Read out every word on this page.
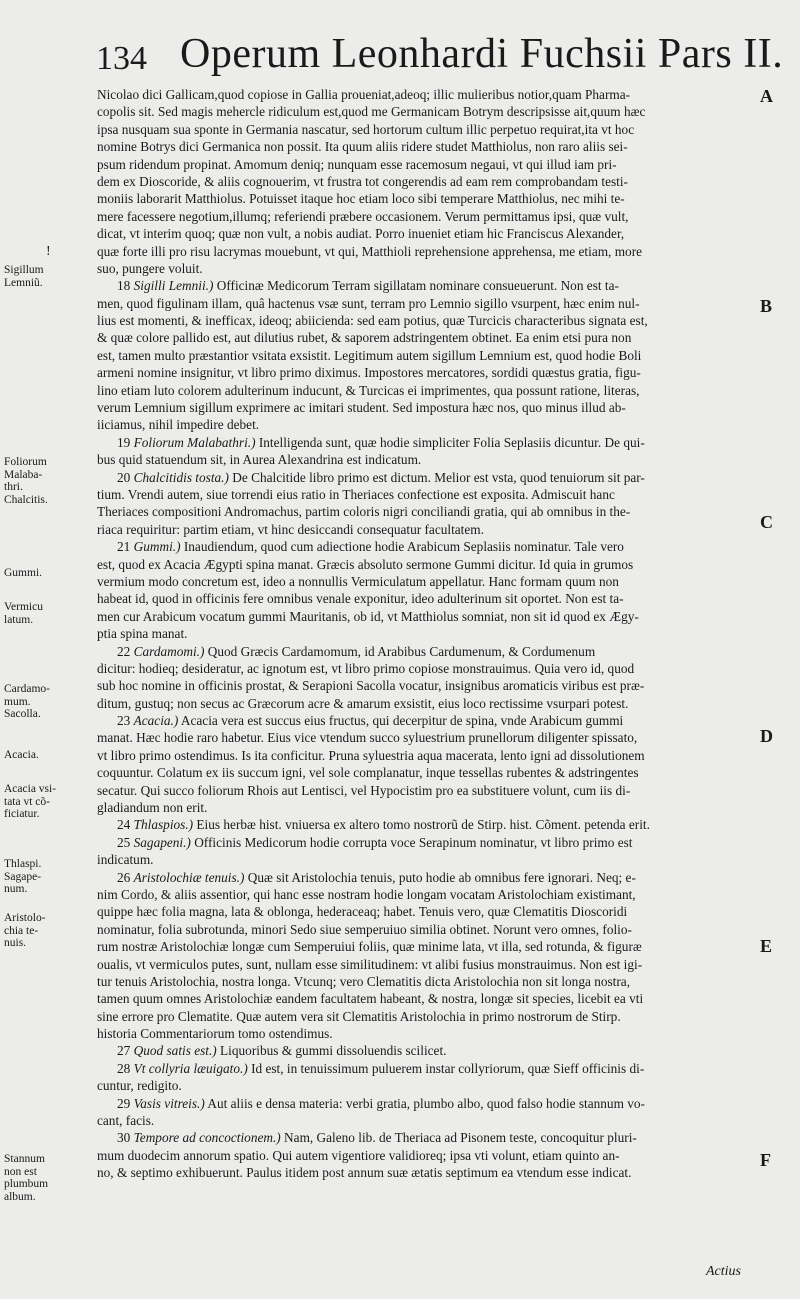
134 Operum Leonhardi Fuchsii Pars II.
!
Nicolao dici Gallicam,quod copiose in Gallia proueniat,adeoq; illic mulieribus notior,quam Pharma-
copolis sit. Sed magis mehercle ridiculum est,quod me Germanicam Botrym descripsisse ait,quum hæc
ipsa nusquam sua sponte in Germania nascatur, sed hortorum cultum illic perpetuo requirat,ita vt hoc
nomine Botrys dici Germanica non possit. Ita quum aliis ridere studet Matthiolus, non raro aliis sei-
psum ridendum propinat. Amomum deniq; nunquam esse racemosum negaui, vt qui illud iam pri-
dem ex Dioscoride, & aliis cognouerim, vt frustra tot congerendis ad eam rem comprobandam testi-
moniis laborarit Matthiolus. Potuisset itaque hoc etiam loco sibi temperare Matthiolus, nec mihi te-
mere facessere negotium,illumq; referiendi præbere occasionem. Verum permittamus ipsi, quæ vult,
dicat, vt interim quoq; quæ non vult, a nobis audiat. Porro inueniet etiam hic Franciscus Alexander,
quæ forte illi pro risu lacrymas mouebunt, vt qui, Matthioli reprehensione apprehensa, me etiam, more
suo, pungere voluit.
18 Sigilli Lemnii.) Officinæ Medicorum Terram sigillatam nominare consueuerunt. Non est ta-
men, quod figulinam illam, quâ hactenus vsæ sunt, terram pro Lemnio sigillo vsurpent, hæc enim nul-
lius est momenti, & inefficax, ideoq; abiicienda: sed eam potius, quæ Turcicis characteribus signata est,
& quæ colore pallido est, aut dilutius rubet, & saporem adstringentem obtinet. Ea enim etsi pura non
est, tamen multo præstantior vsitata exsistit. Legitimum autem sigillum Lemnium est, quod hodie Boli
armeni nomine insignitur, vt libro primo diximus. Impostores mercatores, sordidi quæstus gratia, figu-
lino etiam luto colorem adulterinum inducunt, & Turcicas ei imprimentes, qua possunt ratione, literas,
verum Lemnium sigillum exprimere ac imitari student. Sed impostura hæc nos, quo minus illud ab-
iiciamus, nihil impedire debet.
19 Foliorum Malabathri.) Intelligenda sunt, quæ hodie simpliciter Folia Seplasiis dicuntur. De qui-
bus quid statuendum sit, in Aurea Alexandrina est indicatum.
20 Chalcitidis tosta.) De Chalcitide libro primo est dictum. Melior est vsta, quod tenuiorum sit par-
tium. Vrendi autem, siue torrendi eius ratio in Theriaces confectione est exposita. Admiscuit hanc
Theriaces compositioni Andromachus, partim coloris nigri conciliandi gratia, qui ab omnibus in the-
riaca requiritur: partim etiam, vt hinc desiccandi consequatur facultatem.
21 Gummi.) Inaudiendum, quod cum adiectione hodie Arabicum Seplasiis nominatur. Tale vero
est, quod ex Acacia Ægypti spina manat. Græcis absoluto sermone Gummi dicitur. Id quia in grumos
vermium modo concretum est, ideo a nonnullis Vermiculatum appellatur. Hanc formam quum non
habeat id, quod in officinis fere omnibus venale exponitur, ideo adulterinum sit oportet. Non est ta-
men cur Arabicum vocatum gummi Mauritanis, ob id, vt Matthiolus somniat, non sit id quod ex Ægy-
ptia spina manat.
22 Cardamomi.) Quod Græcis Cardamomum, id Arabibus Cardumenum, & Cordumenum
dicitur: hodieq; desideratur, ac ignotum est, vt libro primo copiose monstrauimus. Quia vero id, quod
sub hoc nomine in officinis prostat, & Serapioni Sacolla vocatur, insignibus aromaticis viribus est præ-
ditum, gustuq; non secus ac Græcorum acre & amarum exsistit, eius loco rectissime vsurpari potest.
23 Acacia.) Acacia vera est succus eius fructus, qui decerpitur de spina, vnde Arabicum gummi
manat. Hæc hodie raro habetur. Eius vice vtendum succo syluestrium prunellorum diligenter spissato,
vt libro primo ostendimus. Is ita conficitur. Pruna syluestria aqua macerata, lento igni ad dissolutionem
coquuntur. Colatum ex iis succum igni, vel sole complanatur, inque tessellas rubentes & adstringentes
secatur. Qui succo foliorum Rhois aut Lentisci, vel Hypocistim pro ea substituere volunt, cum iis di-
gladiandum non erit.
24 Thlaspios.) Eius herbæ hist. vniuersa ex altero tomo nostrorũ de Stirp. hist. Cõment. petenda erit.
25 Sagapeni.) Officinis Medicorum hodie corrupta voce Serapinum nominatur, vt libro primo est
indicatum.
26 Aristolochiæ tenuis.) Quæ sit Aristolochia tenuis, puto hodie ab omnibus fere ignorari. Neq; e-
nim Cordo, & aliis assentior, qui hanc esse nostram hodie longam vocatam Aristolochiam existimant,
quippe hæc folia magna, lata & oblonga, hederaceaq; habet. Tenuis vero, quæ Clematitis Dioscoridi
nominatur, folia subrotunda, minori Sedo siue semperuiuo similia obtinet. Norunt vero omnes, folio-
rum nostræ Aristolochiæ longæ cum Semperuiui foliis, quæ minime lata, vt illa, sed rotunda, & figuræ
oualis, vt vermiculos putes, sunt, nullam esse similitudinem: vt alibi fusius monstrauimus. Non est igi-
tur tenuis Aristolochia, nostra longa. Vtcunq; vero Clematitis dicta Aristolochia non sit longa nostra,
tamen quum omnes Aristolochiæ eandem facultatem habeant, & nostra, longæ sit species, licebit ea vti
sine errore pro Clematite. Quæ autem vera sit Clematitis Aristolochia in primo nostrorum de Stirp.
historia Commentariorum tomo ostendimus.
27 Quod satis est.) Liquoribus & gummi dissoluendis scilicet.
28 Vt collyria læuigato.) Id est, in tenuissimum puluerem instar collyriorum, quæ Sieff officinis di-
cuntur, redigito.
29 Vasis vitreis.) Aut aliis e densa materia: verbi gratia, plumbo albo, quod falso hodie stannum vo-
cant, facis.
30 Tempore ad concoctionem.) Nam, Galeno lib. de Theriaca ad Pisonem teste, concoquitur pluri-
mum duodecim annorum spatio. Qui autem vigentiore validioreq; ipsa vti volunt, etiam quinto an-
no, & septimo exhibuerunt. Paulus itidem post annum suæ ætatis septimum ea vtendum esse indicat.
Sigillum
Lemniũ.
Foliorum
Malaba-
thri.
Chalcitis.
Gummi.
Vermicu
latum.
Cardamo-
mum.
Sacolla.
Acacia.
Acacia vsi-
tata vt cõ-
ficiatur.
Thlaspi.
Sagape-
num.
Aristolo-
chia te-
nuis.
Stannum
non est
plumbum
album.
A
B
C
D
E
F
Actius
